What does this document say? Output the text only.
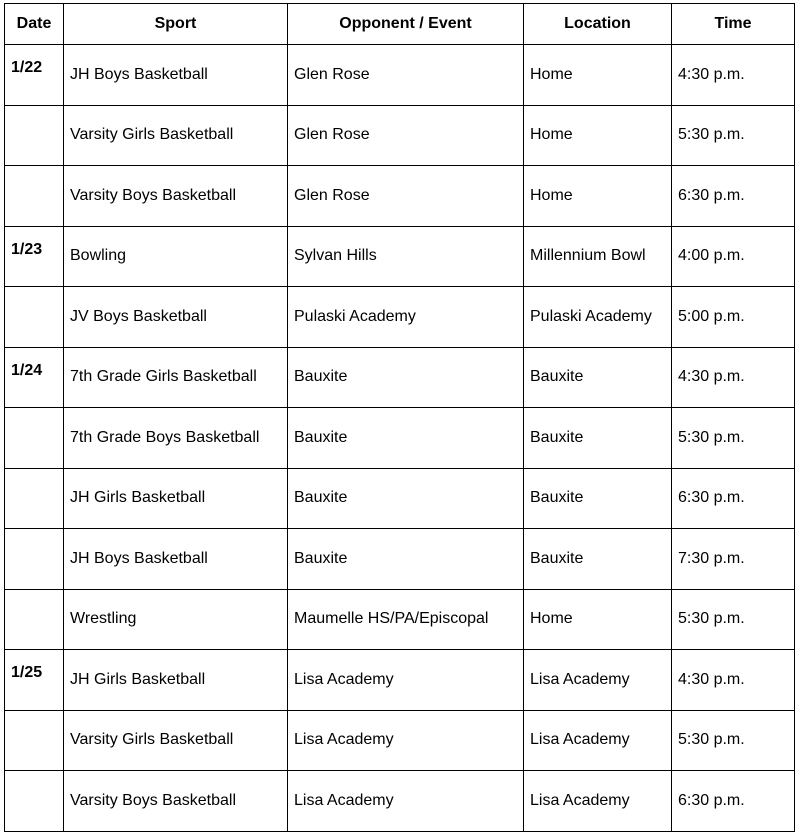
Date	Sport	Opponent / Event	Location	Time
1/22	JH Boys Basketball	Glen Rose	Home	4:30 p.m.
	Varsity Girls Basketball	Glen Rose	Home	5:30 p.m.
	Varsity Boys Basketball	Glen Rose	Home	6:30 p.m.
1/23	Bowling	Sylvan Hills	Millennium Bowl	4:00 p.m.
	JV Boys Basketball	Pulaski Academy	Pulaski Academy	5:00 p.m.
1/24	7th Grade Girls Basketball	Bauxite	Bauxite	4:30 p.m.
	7th Grade Boys Basketball	Bauxite	Bauxite	5:30 p.m.
	JH Girls Basketball	Bauxite	Bauxite	6:30 p.m.
	JH Boys Basketball	Bauxite	Bauxite	7:30 p.m.
	Wrestling	Maumelle HS/PA/Episcopal	Home	5:30 p.m.
1/25	JH Girls Basketball	Lisa Academy	Lisa Academy	4:30 p.m.
	Varsity Girls Basketball	Lisa Academy	Lisa Academy	5:30 p.m.
	Varsity Boys Basketball	Lisa Academy	Lisa Academy	6:30 p.m.
